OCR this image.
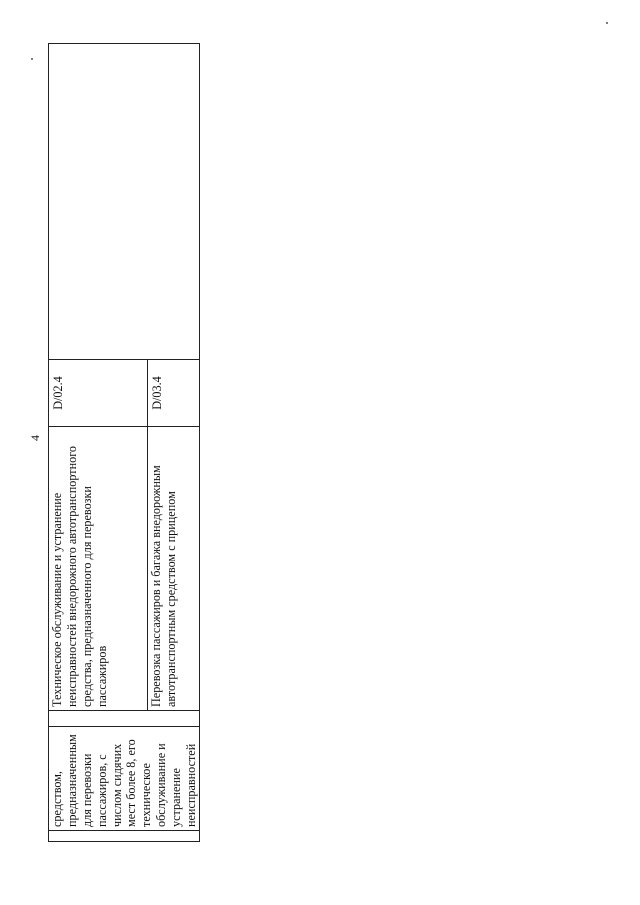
4
	средством, предназначенным для перевозки пассажиров, с числом сидячих мест более 8, его техническое обслуживание и устранение неисправностей		Техническое обслуживание и устранение неисправностей внедорожного автотранспортного средства, предназначенного для перевозки пассажиров	D/02.4	
			Перевозка пассажиров и багажа внедорожным автотранспортным средством с прицепом	D/03.4	
